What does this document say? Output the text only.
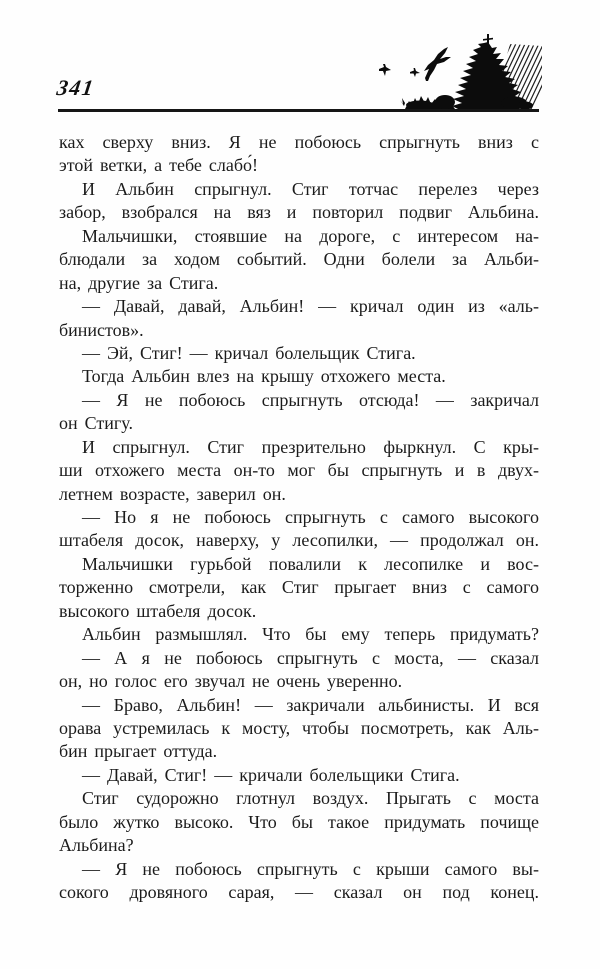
341
ках сверху вниз. Я не побоюсь спрыгнуть вниз с
этой ветки, а тебе слабо́!
И Альбин спрыгнул. Стиг тотчас перелез через
забор, взобрался на вяз и повторил подвиг Альбина.
Мальчишки, стоявшие на дороге, с интересом на-
блюдали за ходом событий. Одни болели за Альби-
на, другие за Стига.
— Давай, давай, Альбин! — кричал один из «аль-
бинистов».
— Эй, Стиг! — кричал болельщик Стига.
Тогда Альбин влез на крышу отхожего места.
— Я не побоюсь спрыгнуть отсюда! — закричал
он Стигу.
И спрыгнул. Стиг презрительно фыркнул. С кры-
ши отхожего места он-то мог бы спрыгнуть и в двух-
летнем возрасте, заверил он.
— Но я не побоюсь спрыгнуть с самого высокого
штабеля досок, наверху, у лесопилки, — продолжал он.
Мальчишки гурьбой повалили к лесопилке и вос-
торженно смотрели, как Стиг прыгает вниз с самого
высокого штабеля досок.
Альбин размышлял. Что бы ему теперь придумать?
— А я не побоюсь спрыгнуть с моста, — сказал
он, но голос его звучал не очень уверенно.
— Браво, Альбин! — закричали альбинисты. И вся
орава устремилась к мосту, чтобы посмотреть, как Аль-
бин прыгает оттуда.
— Давай, Стиг! — кричали болельщики Стига.
Стиг судорожно глотнул воздух. Прыгать с моста
было жутко высоко. Что бы такое придумать почище
Альбина?
— Я не побоюсь спрыгнуть с крыши самого вы-
сокого дровяного сарая, — сказал он под конец.
